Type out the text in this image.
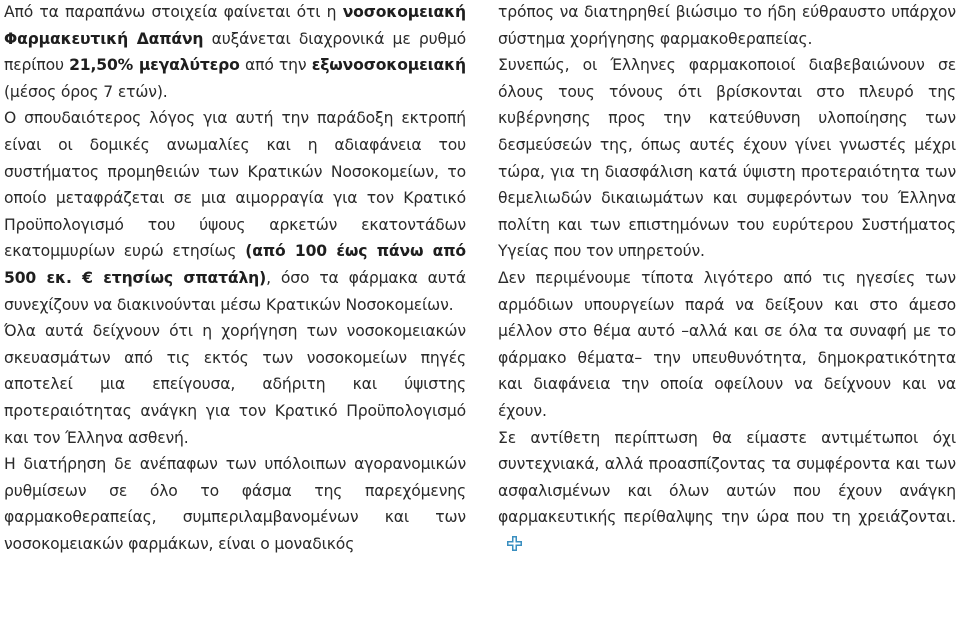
Από τα παραπάνω στοιχεία φαίνεται ότι η νοσοκομειακή Φαρμακευτική Δαπάνη αυξάνεται διαχρονικά με ρυθμό περίπου 21,50% μεγαλύτερο από την εξωνοσοκομειακή (μέσος όρος 7 ετών).

Ο σπουδαιότερος λόγος για αυτή την παράδοξη εκτροπή είναι οι δομικές ανωμαλίες και η αδιαφάνεια του συστήματος προμηθειών των Κρατικών Νοσοκομείων, το οποίο μεταφράζεται σε μια αιμορραγία για τον Κρατικό Προϋπολογισμό του ύψους αρκετών εκατοντάδων εκατομμυρίων ευρώ ετησίως (από 100 έως πάνω από 500 εκ. € ετησίως σπατάλη), όσο τα φάρμακα αυτά συνεχίζουν να διακινούνται μέσω Κρατικών Νοσοκομείων.

Όλα αυτά δείχνουν ότι η χορήγηση των νοσοκομειακών σκευασμάτων από τις εκτός των νοσοκομείων πηγές αποτελεί μια επείγουσα, αδήριτη και ύψιστης προτεραιότητας ανάγκη για τον Κρατικό Προϋπολογισμό και τον Έλληνα ασθενή.

Η διατήρηση δε ανέπαφων των υπόλοιπων αγορανομικών ρυθμίσεων σε όλο το φάσμα της παρεχόμενης φαρμακοθεραπείας, συμπεριλαμβανομένων και των νοσοκομειακών φαρμάκων, είναι ο μοναδικός

τρόπος να διατηρηθεί βιώσιμο το ήδη εύθραυστο υπάρχον σύστημα χορήγησης φαρμακοθεραπείας.

Συνεπώς, οι Έλληνες φαρμακοποιοί διαβεβαιώνουν σε όλους τους τόνους ότι βρίσκονται στο πλευρό της κυβέρνησης προς την κατεύθυνση υλοποίησης των δεσμεύσεών της, όπως αυτές έχουν γίνει γνωστές μέχρι τώρα, για τη διασφάλιση κατά ύψιστη προτεραιότητα των θεμελιωδών δικαιωμάτων και συμφερόντων του Έλληνα πολίτη και των επιστημόνων του ευρύτερου Συστήματος Υγείας που τον υπηρετούν.

Δεν περιμένουμε τίποτα λιγότερο από τις ηγεσίες των αρμόδιων υπουργείων παρά να δείξουν και στο άμεσο μέλλον στο θέμα αυτό –αλλά και σε όλα τα συναφή με το φάρμακο θέματα– την υπευθυνότητα, δημοκρατικότητα και διαφάνεια την οποία οφείλουν να δείχνουν και να έχουν.

Σε αντίθετη περίπτωση θα είμαστε αντιμέτωποι όχι συντεχνιακά, αλλά προασπίζοντας τα συμφέροντα και των ασφαλισμένων και όλων αυτών που έχουν ανάγκη φαρμακευτικής περίθαλψης την ώρα που τη χρειάζονται.
